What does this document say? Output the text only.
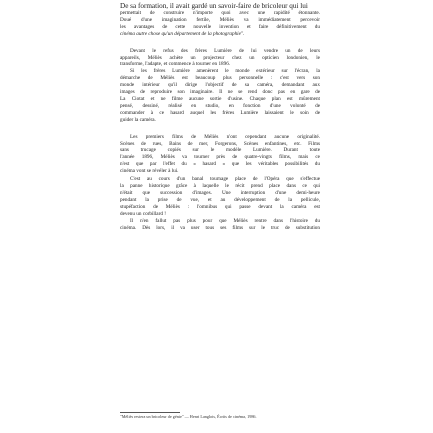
De sa formation, il avait gardé un savoir-faire de bricoleur qui lui
permettait de construire n'importe quoi avec une rapidité étonnante.
Doué d'une imagination fertile, Méliès va immédiatement percevoir
les avantages de cette nouvelle invention et faire définitivement du
cinéma autre chose qu'un département de la photographie".
Devant le refus des frères Lumière de lui vendre un de leurs
appareils, Méliès achète un projecteur chez un opticien londonien, le
transforme, l'adapte, et commence à tourner en 1896.
Si les frères Lumière amenèrent le monde extérieur sur l'écran, la
démarche de Méliès est beaucoup plus personnelle : c'est vers son
monde intérieur qu'il dirige l'objectif de sa caméra, demandant aux
images de reproduire son imaginaire. Il ne se rend donc pas en gare de
La Ciotat et ne filme aucune sortie d'usine. Chaque plan est mûrement
pensé, dessiné, réalisé en studio, en fonction d'une volonté de
commander à ce hasard auquel les frères Lumière laissaient le soin de
guider la caméra.
Les premiers films de Méliès n'ont cependant aucune originalité.
Scènes de rues, Bains de mer, Forgerons, Scènes enfantines, etc. Films
sans trucage copiés sur le modèle Lumière. Durant toute
l'année 1896, Méliès va tourner près de quatre-vingts films, mais ce
n'est que par l'effet du « hasard » que les véritables possibilités du
cinéma vont se révéler à lui.
C'est au cours d'un banal tournage place de l'Opéra que s'effectue
la panne historique grâce à laquelle le récit prend place dans ce qui
n'était que succession d'images. Une interruption d'une demi-heure
pendant la prise de vue, et au développement de la pellicule,
stupéfaction de Méliès : l'omnibus qui passe devant la caméra est
devenu un corbillard !
Il n'en fallut pas plus pour que Méliès rentre dans l'histoire du
cinéma. Dès lors, il va user tous ses films sur le truc de substitution
"Méliès restera un bricoleur de génie" — Henri Langlois, Écrits de cinéma, 1986.
